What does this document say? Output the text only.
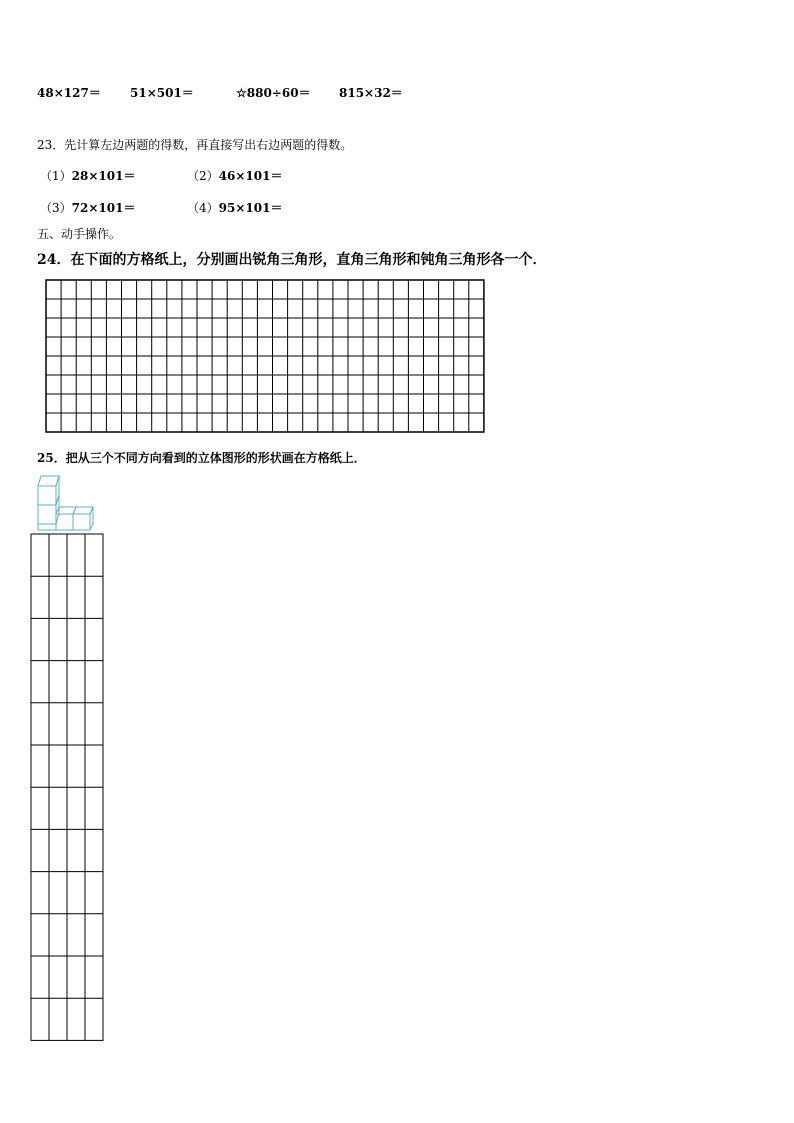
48×127＝ 51×501＝	☆880÷60＝ 815×32＝
23．先计算左边两题的得数，再直接写出右边两题的得数。
（1）28×101＝	（2）46×101＝
（3）72×101＝	（4）95×101＝
五、动手操作。
24．在下面的方格纸上，分别画出锐角三角形，直角三角形和钝角三角形各一个．
25．把从三个不同方向看到的立体图形的形状画在方格纸上．
